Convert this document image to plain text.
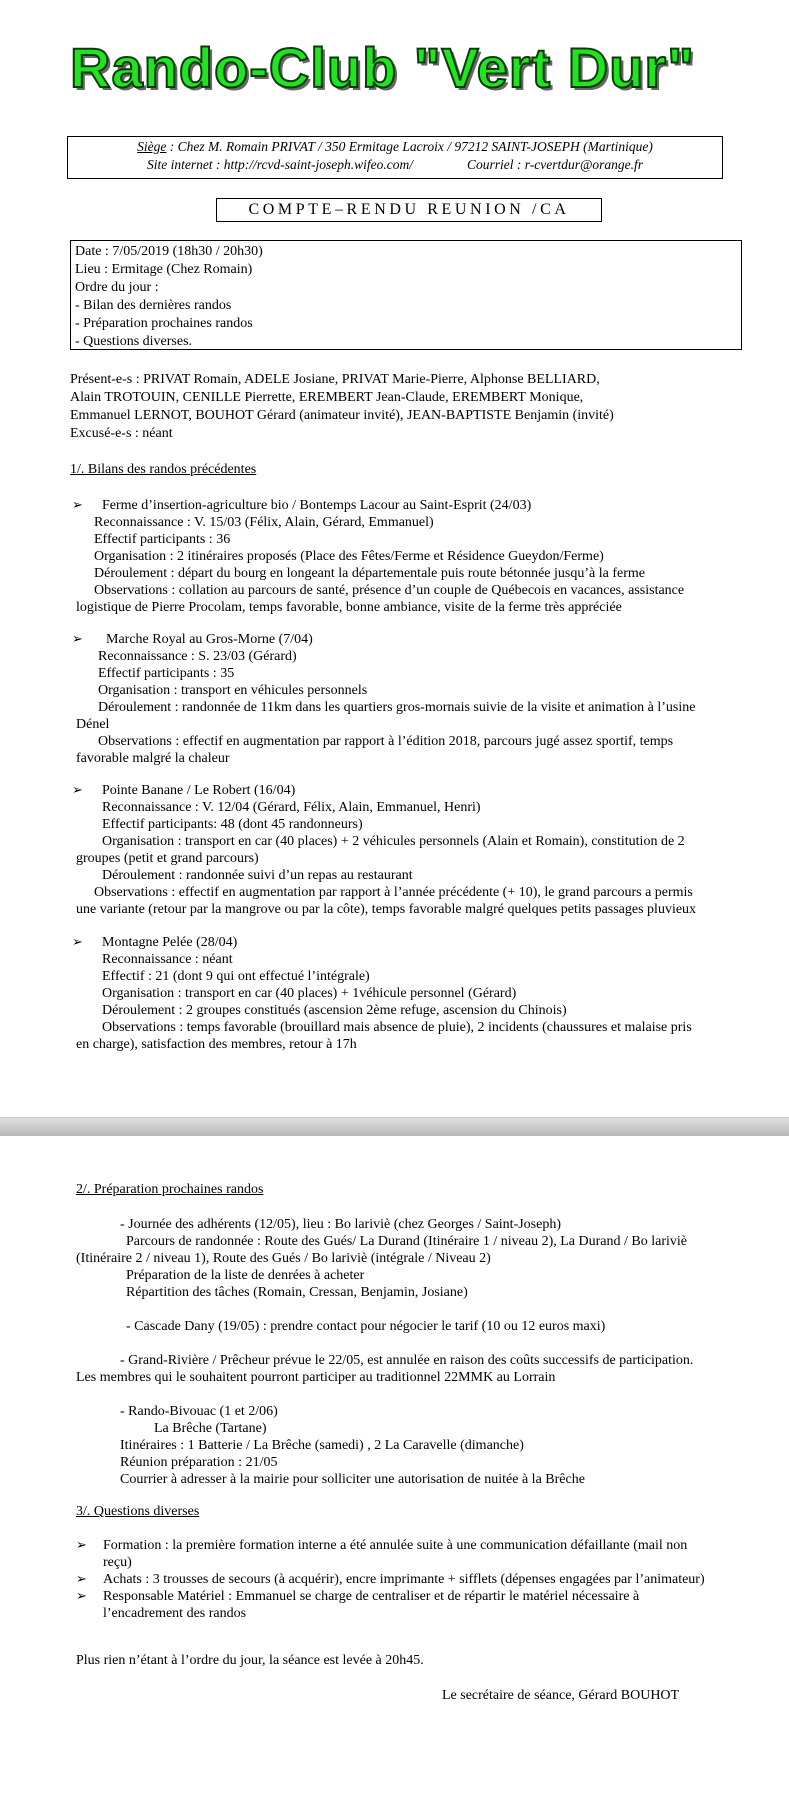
Rando-Club "Vert Dur"
Siège : Chez M. Romain PRIVAT / 350 Ermitage Lacroix / 97212 SAINT-JOSEPH (Martinique)
Site internet : http://rcvd-saint-joseph.wifeo.com/	Courriel : r-cvertdur@orange.fr
COMPTE–RENDU REUNION /CA
Date : 7/05/2019 (18h30 / 20h30)
Lieu : Ermitage (Chez Romain)
Ordre du jour :
- Bilan des dernières randos
- Préparation prochaines randos
- Questions diverses.
Présent-e-s : PRIVAT Romain, ADELE Josiane, PRIVAT Marie-Pierre, Alphonse BELLIARD,
Alain TROTOUIN, CENILLE Pierrette, EREMBERT Jean-Claude, EREMBERT Monique,
Emmanuel LERNOT, BOUHOT Gérard (animateur invité), JEAN-BAPTISTE Benjamin (invité)
Excusé-e-s : néant
1/. Bilans des randos précédentes
➢ Ferme d’insertion-agriculture bio / Bontemps Lacour au Saint-Esprit (24/03)
Reconnaissance : V. 15/03 (Félix, Alain, Gérard, Emmanuel)
Effectif participants : 36
Organisation : 2 itinéraires proposés (Place des Fêtes/Ferme et Résidence Gueydon/Ferme)
Déroulement : départ du bourg en longeant la départementale puis route bétonnée jusqu’à la ferme
Observations : collation au parcours de santé, présence d’un couple de Québecois en vacances, assistance
logistique de Pierre Procolam, temps favorable, bonne ambiance, visite de la ferme très appréciée
➢ Marche Royal au Gros-Morne (7/04)
Reconnaissance : S. 23/03 (Gérard)
Effectif participants : 35
Organisation : transport en véhicules personnels
Déroulement : randonnée de 11km dans les quartiers gros-mornais suivie de la visite et animation à l’usine
Dénel
Observations : effectif en augmentation par rapport à l’édition 2018, parcours jugé assez sportif, temps
favorable malgré la chaleur
➢ Pointe Banane / Le Robert (16/04)
Reconnaissance : V. 12/04 (Gérard, Félix, Alain, Emmanuel, Henri)
Effectif participants: 48 (dont 45 randonneurs)
Organisation : transport en car (40 places) + 2 véhicules personnels (Alain et Romain), constitution de 2
groupes (petit et grand parcours)
Déroulement : randonnée suivi d’un repas au restaurant
Observations : effectif en augmentation par rapport à l’année précédente (+ 10), le grand parcours a permis
une variante (retour par la mangrove ou par la côte), temps favorable malgré quelques petits passages pluvieux
➢ Montagne Pelée (28/04)
Reconnaissance : néant
Effectif : 21 (dont 9 qui ont effectué l’intégrale)
Organisation : transport en car (40 places) + 1véhicule personnel (Gérard)
Déroulement : 2 groupes constitués (ascension 2ème refuge, ascension du Chinois)
Observations : temps favorable (brouillard mais absence de pluie), 2 incidents (chaussures et malaise pris
en charge), satisfaction des membres, retour à 17h
2/. Préparation prochaines randos
- Journée des adhérents (12/05), lieu : Bo lariviè (chez Georges / Saint-Joseph)
Parcours de randonnée : Route des Gués/ La Durand (Itinéraire 1 / niveau 2), La Durand / Bo lariviè
(Itinéraire 2 / niveau 1), Route des Gués / Bo lariviè (intégrale / Niveau 2)
Préparation de la liste de denrées à acheter
Répartition des tâches (Romain, Cressan, Benjamin, Josiane)
- Cascade Dany (19/05) : prendre contact pour négocier le tarif (10 ou 12 euros maxi)
- Grand-Rivière / Prêcheur prévue le 22/05, est annulée en raison des coûts successifs de participation.
Les membres qui le souhaitent pourront participer au traditionnel 22MMK au Lorrain
- Rando-Bivouac (1 et 2/06)
La Brêche (Tartane)
Itinéraires : 1 Batterie / La Brêche (samedi) , 2 La Caravelle (dimanche)
Réunion préparation : 21/05
Courrier à adresser à la mairie pour solliciter une autorisation de nuitée à la Brêche
3/. Questions diverses
➢ Formation : la première formation interne a été annulée suite à une communication défaillante (mail non
reçu)
➢ Achats : 3 trousses de secours (à acquérir), encre imprimante + sifflets (dépenses engagées par l’animateur)
➢ Responsable Matériel : Emmanuel se charge de centraliser et de répartir le matériel nécessaire à
l’encadrement des randos
Plus rien n’étant à l’ordre du jour, la séance est levée à 20h45.
Le secrétaire de séance, Gérard BOUHOT
